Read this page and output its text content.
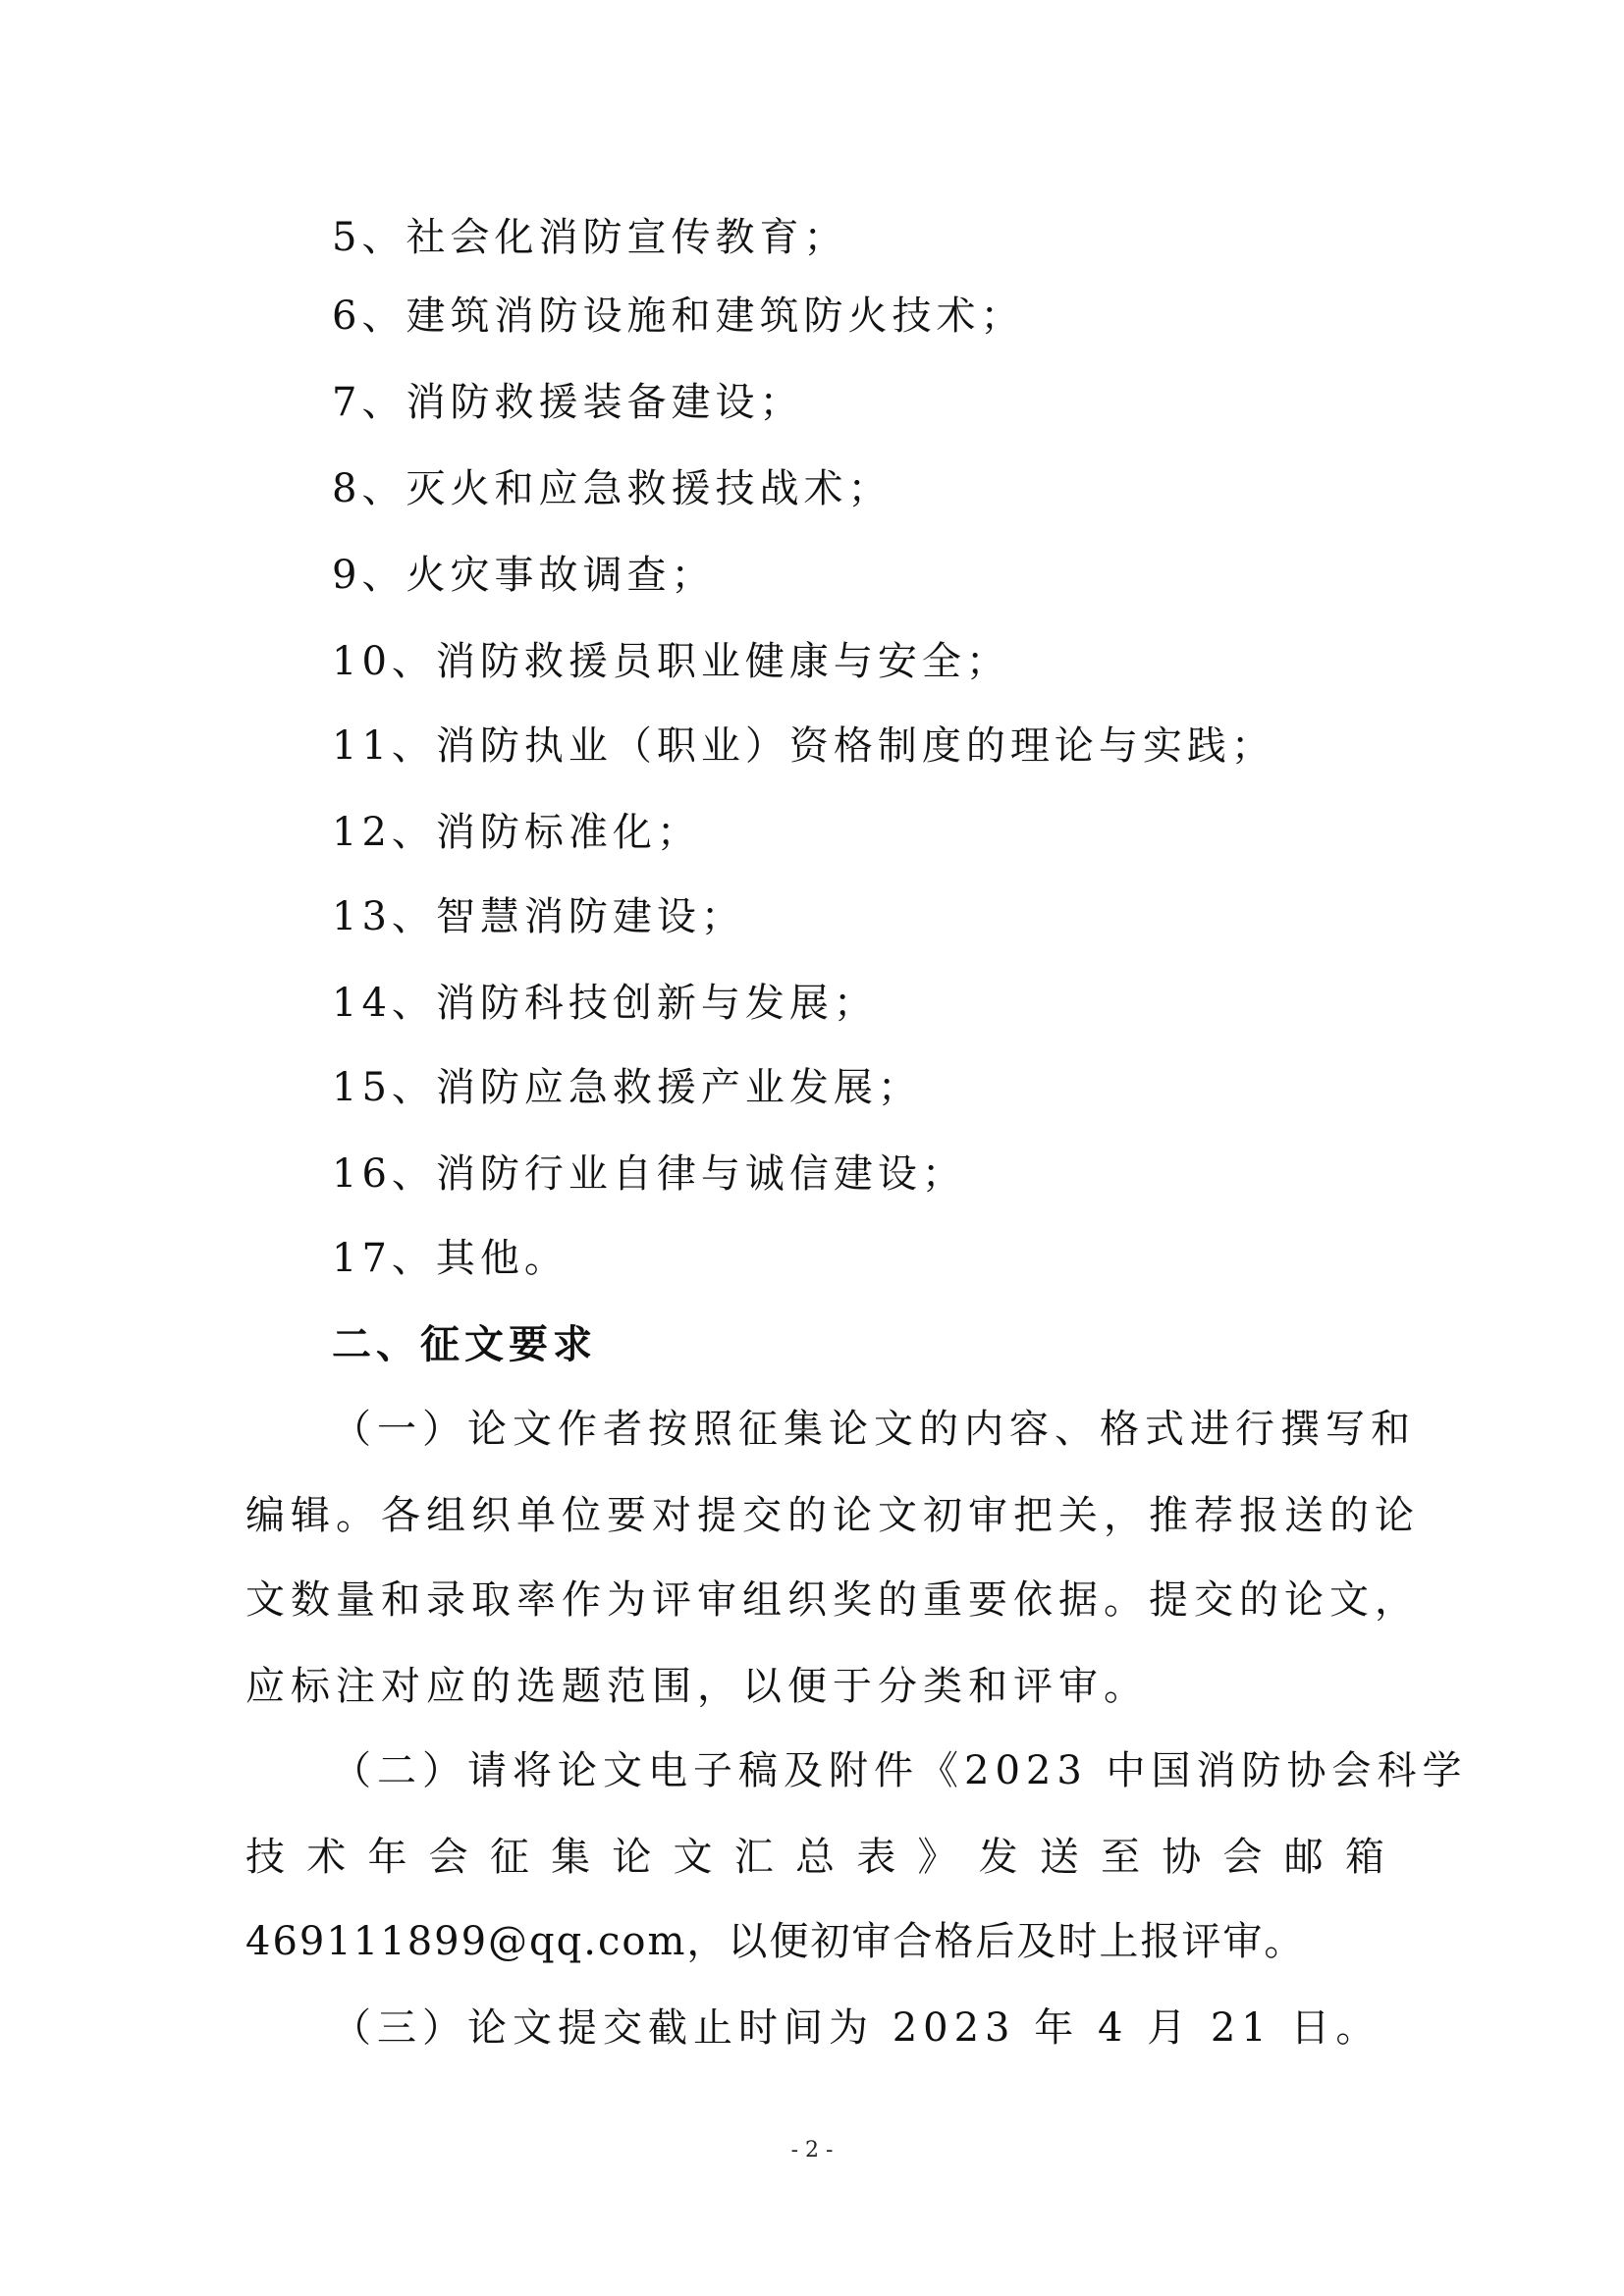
5、社会化消防宣传教育；
6、建筑消防设施和建筑防火技术；
7、消防救援装备建设；
8、灭火和应急救援技战术；
9、火灾事故调查；
10、消防救援员职业健康与安全；
11、消防执业（职业）资格制度的理论与实践；
12、消防标准化；
13、智慧消防建设；
14、消防科技创新与发展；
15、消防应急救援产业发展；
16、消防行业自律与诚信建设；
17、其他。
二、征文要求
（一）论文作者按照征集论文的内容、格式进行撰写和
编辑。各组织单位要对提交的论文初审把关，推荐报送的论
文数量和录取率作为评审组织奖的重要依据。提交的论文，
应标注对应的选题范围，以便于分类和评审。
（二）请将论文电子稿及附件《2023 中国消防协会科学
技 术 年 会 征 集 论 文 汇 总 表 》 发 送 至 协 会 邮 箱
469111899@qq.com，以便初审合格后及时上报评审。
（三）论文提交截止时间为 2023 年 4 月 21 日。
- 2 -
